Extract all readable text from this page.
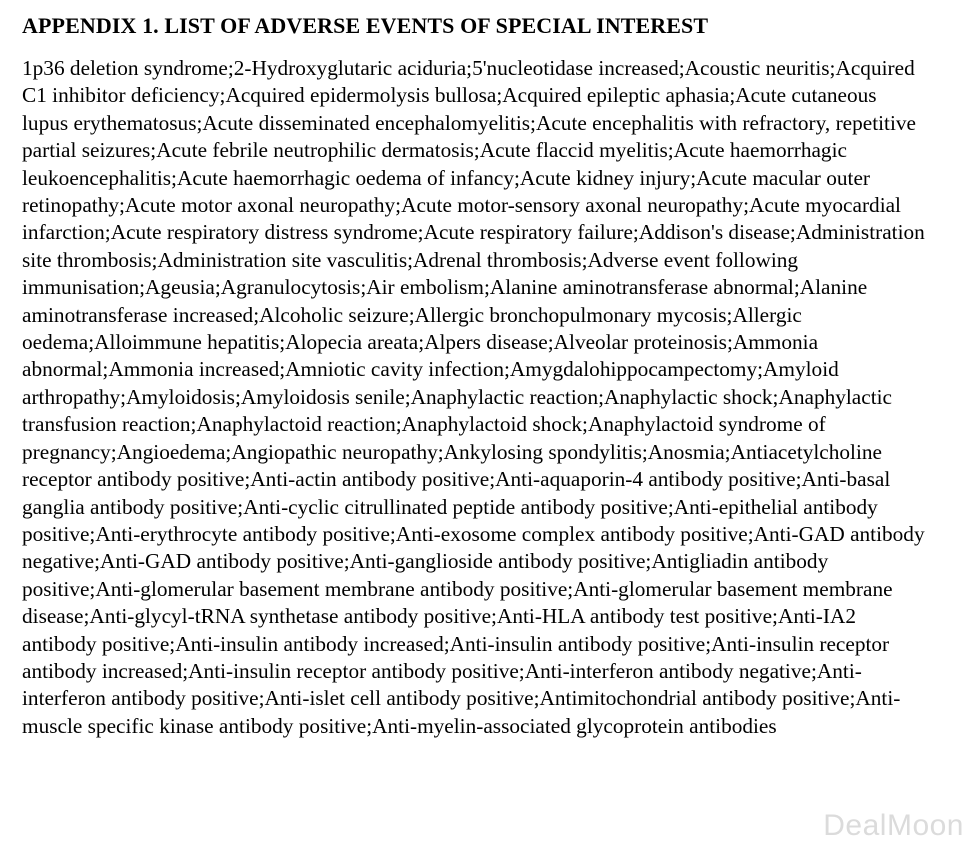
APPENDIX 1. LIST OF ADVERSE EVENTS OF SPECIAL INTEREST

1p36 deletion syndrome;2-Hydroxyglutaric aciduria;5'nucleotidase increased;Acoustic neuritis;Acquired C1 inhibitor deficiency;Acquired epidermolysis bullosa;Acquired epileptic aphasia;Acute cutaneous lupus erythematosus;Acute disseminated encephalomyelitis;Acute encephalitis with refractory, repetitive partial seizures;Acute febrile neutrophilic dermatosis;Acute flaccid myelitis;Acute haemorrhagic leukoencephalitis;Acute haemorrhagic oedema of infancy;Acute kidney injury;Acute macular outer retinopathy;Acute motor axonal neuropathy;Acute motor-sensory axonal neuropathy;Acute myocardial infarction;Acute respiratory distress syndrome;Acute respiratory failure;Addison's disease;Administration site thrombosis;Administration site vasculitis;Adrenal thrombosis;Adverse event following immunisation;Ageusia;Agranulocytosis;Air embolism;Alanine aminotransferase abnormal;Alanine aminotransferase increased;Alcoholic seizure;Allergic bronchopulmonary mycosis;Allergic oedema;Alloimmune hepatitis;Alopecia areata;Alpers disease;Alveolar proteinosis;Ammonia abnormal;Ammonia increased;Amniotic cavity infection;Amygdalohippocampectomy;Amyloid arthropathy;Amyloidosis;Amyloidosis senile;Anaphylactic reaction;Anaphylactic shock;Anaphylactic transfusion reaction;Anaphylactoid reaction;Anaphylactoid shock;Anaphylactoid syndrome of pregnancy;Angioedema;Angiopathic neuropathy;Ankylosing spondylitis;Anosmia;Antiacetylcholine receptor antibody positive;Anti-actin antibody positive;Anti-aquaporin-4 antibody positive;Anti-basal ganglia antibody positive;Anti-cyclic citrullinated peptide antibody positive;Anti-epithelial antibody positive;Anti-erythrocyte antibody positive;Anti-exosome complex antibody positive;Anti-GAD antibody negative;Anti-GAD antibody positive;Anti-ganglioside antibody positive;Antigliadin antibody positive;Anti-glomerular basement membrane antibody positive;Anti-glomerular basement membrane disease;Anti-glycyl-tRNA synthetase antibody positive;Anti-HLA antibody test positive;Anti-IA2 antibody positive;Anti-insulin antibody increased;Anti-insulin antibody positive;Anti-insulin receptor antibody increased;Anti-insulin receptor antibody positive;Anti-interferon antibody negative;Anti-interferon antibody positive;Anti-islet cell antibody positive;Antimitochondrial antibody positive;Anti-muscle specific kinase antibody positive;Anti-myelin-associated glycoprotein antibodies

DealMoon
